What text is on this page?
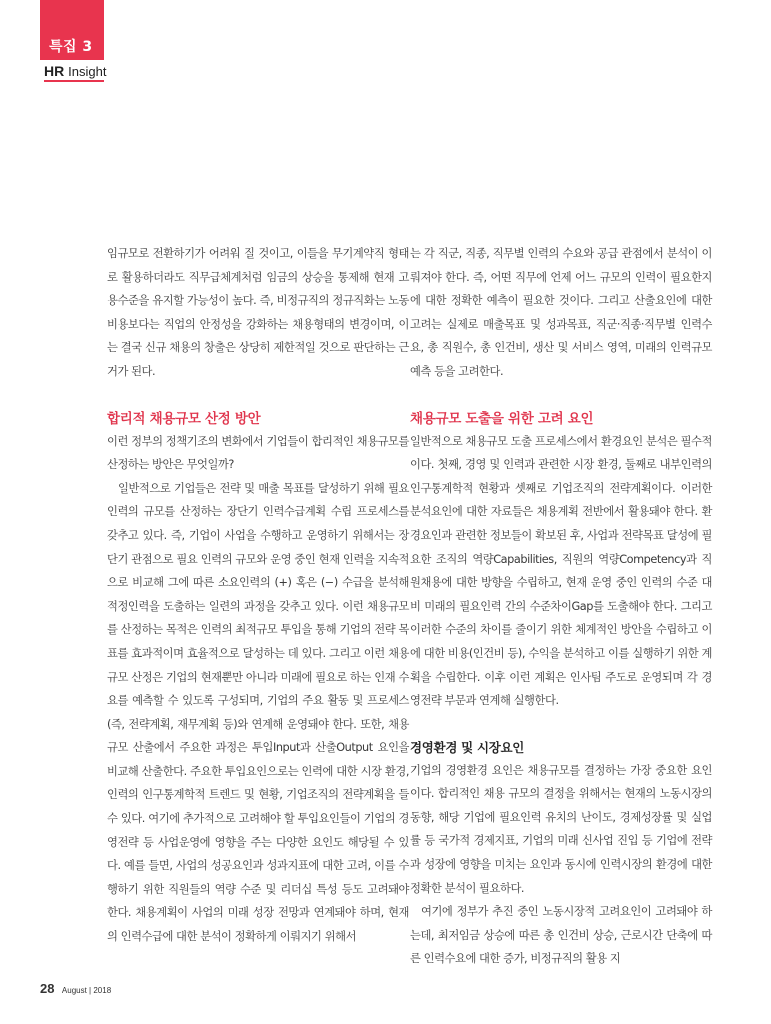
특집 3
HR Insight

임규모로 전환하기가 어려워 질 것이고, 이들을 무기계약직 형태로 활용하더라도 직무급체계처럼 임금의 상승을 통제해 현재 고용수준을 유지할 가능성이 높다. 즉, 비정규직의 정규직화는 노동비용보다는 직업의 안정성을 강화하는 채용형태의 변경이며, 이는 결국 신규 채용의 창출은 상당히 제한적일 것으로 판단하는 근거가 된다.

합리적 채용규모 산정 방안

이런 정부의 정책기조의 변화에서 기업들이 합리적인 채용규모를 산정하는 방안은 무엇일까?

일반적으로 기업들은 전략 및 매출 목표를 달성하기 위해 필요 인력의 규모를 산정하는 장단기 인력수급계획 수립 프로세스를 갖추고 있다. 즉, 기업이 사업을 수행하고 운영하기 위해서는 장단기 관점으로 필요 인력의 규모와 운영 중인 현재 인력을 지속적으로 비교해 그에 따른 소요인력의 (+) 혹은 (−) 수급을 분석해 적정인력을 도출하는 일련의 과정을 갖추고 있다. 이런 채용규모를 산정하는 목적은 인력의 최적규모 투입을 통해 기업의 전략 목표를 효과적이며 효율적으로 달성하는 데 있다. 그리고 이런 채용규모 산정은 기업의 현재뿐만 아니라 미래에 필요로 하는 인재 수요를 예측할 수 있도록 구성되며, 기업의 주요 활동 및 프로세스(즉, 전략계획, 재무계획 등)와 연계해 운영돼야 한다. 또한, 채용규모 산출에서 주요한 과정은 투입Input과 산출Output 요인을 비교해 산출한다. 주요한 투입요인으로는 인력에 대한 시장 환경, 인력의 인구통계학적 트렌드 및 현황, 기업조직의 전략계획을 들 수 있다. 여기에 추가적으로 고려해야 할 투입요인들이 기업의 경영전략 등 사업운영에 영향을 주는 다양한 요인도 해당될 수 있다. 예를 들면, 사업의 성공요인과 성과지표에 대한 고려, 이를 수행하기 위한 직원들의 역량 수준 및 리더십 특성 등도 고려돼야 한다. 채용계획이 사업의 미래 성장 전망과 연계돼야 하며, 현재의 인력수급에 대한 분석이 정확하게 이뤄지기 위해서

는 각 직군, 직종, 직무별 인력의 수요와 공급 관점에서 분석이 이뤄져야 한다. 즉, 어떤 직무에 언제 어느 규모의 인력이 필요한지에 대한 정확한 예측이 필요한 것이다. 그리고 산출요인에 대한 고려는 실제로 매출목표 및 성과목표, 직군·직종·직무별 인력수요, 총 직원수, 총 인건비, 생산 및 서비스 영역, 미래의 인력규모 예측 등을 고려한다.

채용규모 도출을 위한 고려 요인

일반적으로 채용규모 도출 프로세스에서 환경요인 분석은 필수적이다. 첫째, 경영 및 인력과 관련한 시장 환경, 둘째로 내부인력의 인구통계학적 현황과 셋째로 기업조직의 전략계획이다. 이러한 분석요인에 대한 자료들은 채용계획 전반에서 활용돼야 한다. 환경요인과 관련한 정보들이 확보된 후, 사업과 전략목표 달성에 필요한 조직의 역량Capabilities, 직원의 역량Competency과 직원채용에 대한 방향을 수립하고, 현재 운영 중인 인력의 수준 대비 미래의 필요인력 간의 수준차이Gap를 도출해야 한다. 그리고 이러한 수준의 차이를 줄이기 위한 체계적인 방안을 수립하고 이에 대한 비용(인건비 등), 수익을 분석하고 이를 실행하기 위한 계획을 수립한다. 이후 이런 계획은 인사팀 주도로 운영되며 각 경영전략 부문과 연계해 실행한다.

경영환경 및 시장요인

기업의 경영환경 요인은 채용규모를 결정하는 가장 중요한 요인이다. 합리적인 채용 규모의 결정을 위해서는 현재의 노동시장의 동향, 해당 기업에 필요인력 유치의 난이도, 경제성장률 및 실업률 등 국가적 경제지표, 기업의 미래 신사업 진입 등 기업에 전략과 성장에 영향을 미치는 요인과 동시에 인력시장의 환경에 대한 정확한 분석이 필요하다.

여기에 정부가 추진 중인 노동시장적 고려요인이 고려돼야 하는데, 최저임금 상승에 따른 총 인건비 상승, 근로시간 단축에 따른 인력수요에 대한 증가, 비정규직의 활용 지

28 August | 2018
